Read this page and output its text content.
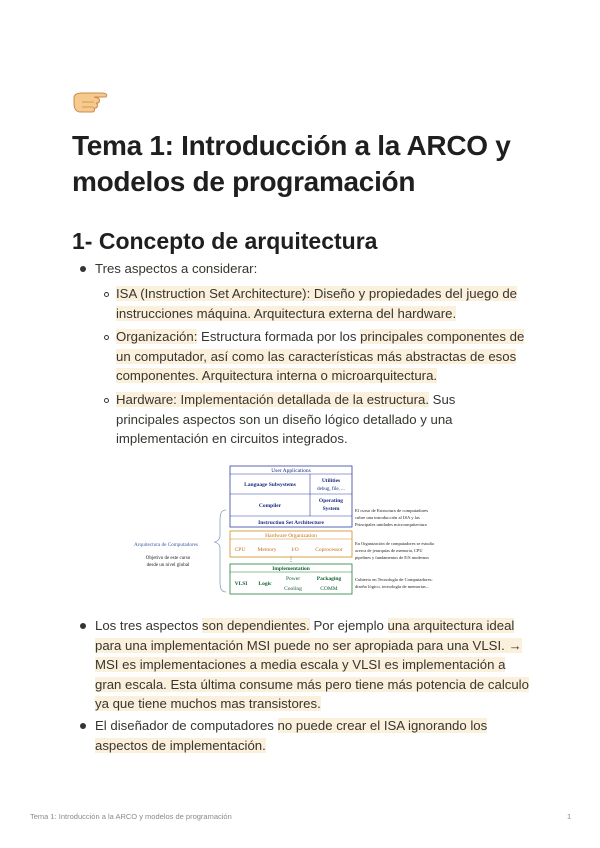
Tema 1: Introducción a la ARCO y modelos de programación
1- Concepto de arquitectura
Tres aspectos a considerar:
ISA (Instruction Set Architecture): Diseño y propiedades del juego de instrucciones máquina. Arquitectura externa del hardware.
Organización: Estructura formada por los principales componentes de un computador, así como las características más abstractas de esos componentes. Arquitectura interna o microarquitectura.
Hardware: Implementación detallada de la estructura. Sus principales aspectos son un diseño lógico detallado y una implementación en circuitos integrados.
User Applications
Language Subsystems
Utilities
debug, file, ...
Compiler
Operating
System
Instruction Set Architecture
Hardware Organization
CPU Memory	I/O	Coprocessor
⋮
Implementation
VLSI Logic
Power
Cooling
Packaging
COMM
Arquitectura de Computadores
Objetivo de este curso
desde un nivel global
El curso de Estructura de computadores
cubre una introducción al ISA y las
Principales unidades microarquitectura
En Organización de computadores se estudia
acerca de jerarquías de memoria, CPU
pipelines y fundamentos de E/S modernos
Cubierto en Tecnología de Computadores:
diseño lógico, tecnología de memorias...
Los tres aspectos son dependientes. Por ejemplo una arquitectura ideal para una implementación MSI puede no ser apropiada para una VLSI. → MSI es implementaciones a media escala y VLSI es implementación a gran escala. Esta última consume más pero tiene más potencia de calculo ya que tiene muchos mas transistores.
El diseñador de computadores no puede crear el ISA ignorando los aspectos de implementación.
Tema 1: Introducción a la ARCO y modelos de programación	1
